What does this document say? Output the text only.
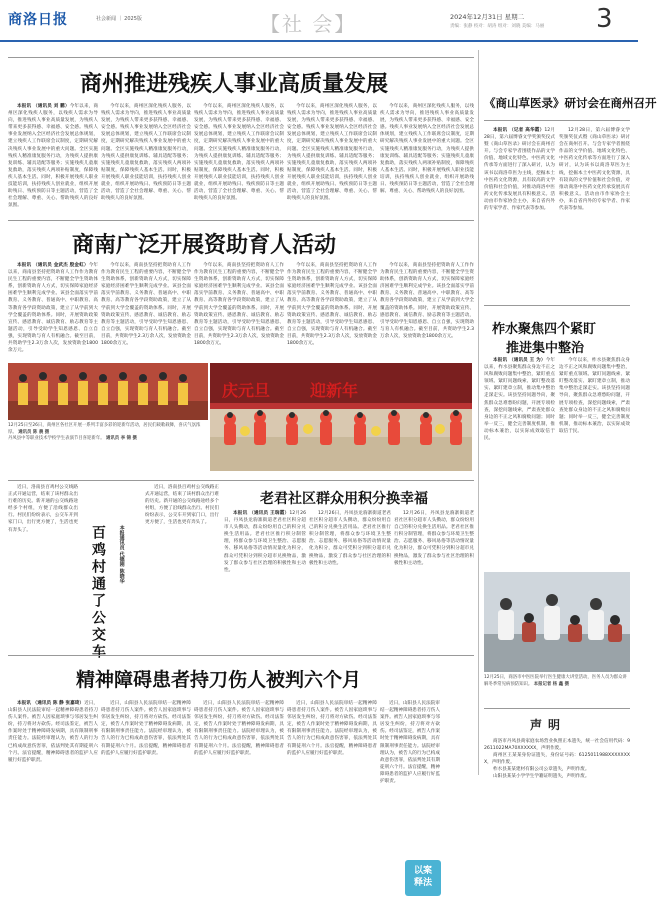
商洛日报	社会新闻 ｜ 2025版	【社 会】	2024年12月31日 星期二
责编：张静 校对：胡涛 组对：刘晓 美编：马丽 3
商州推进残疾人事业高质量发展

本报讯 （通讯员 刘 鹏）今年以来，商州区深化残疾人服务，以残疾人需求为导向，推进残疾人事业高质量发展，为残疾人带来更多获得感、幸福感、安全感。残疾人事业发展纳入全区经济社会发展总体规划，建立残疾人工作联席会议制度，定期研究解决残疾人事业发展中的重大问题。全区实施残疾人精准康复服务行动，为残疾人提供康复训练、辅具适配等服务；实施残疾儿童康复救助，落实残疾人两项补贴制度，保障残疾人基本生活。同时，积极开展残疾人职业技能培训，扶持残疾人创业就业，组织开展助残日、残疾预防日等主题活动，营造了全社会理解、尊重、关心、帮助残疾人的良好氛围。

今年以来，商州区深化残疾人服务，以残疾人需求为导向，推进残疾人事业高质量发展，为残疾人带来更多获得感、幸福感、安全感。残疾人事业发展纳入全区经济社会发展总体规划，建立残疾人工作联席会议制度，定期研究解决残疾人事业发展中的重大问题。全区实施残疾人精准康复服务行动，为残疾人提供康复训练、辅具适配等服务；实施残疾儿童康复救助，落实残疾人两项补贴制度，保障残疾人基本生活。同时，积极开展残疾人职业技能培训，扶持残疾人创业就业，组织开展助残日、残疾预防日等主题活动，营造了全社会理解、尊重、关心、帮助残疾人的良好氛围。

今年以来，商州区深化残疾人服务，以残疾人需求为导向，推进残疾人事业高质量发展，为残疾人带来更多获得感、幸福感、安全感。残疾人事业发展纳入全区经济社会发展总体规划，建立残疾人工作联席会议制度，定期研究解决残疾人事业发展中的重大问题。全区实施残疾人精准康复服务行动，为残疾人提供康复训练、辅具适配等服务；实施残疾儿童康复救助，落实残疾人两项补贴制度，保障残疾人基本生活。同时，积极开展残疾人职业技能培训，扶持残疾人创业就业，组织开展助残日、残疾预防日等主题活动，营造了全社会理解、尊重、关心、帮助残疾人的良好氛围。

今年以来，商州区深化残疾人服务，以残疾人需求为导向，推进残疾人事业高质量发展，为残疾人带来更多获得感、幸福感、安全感。残疾人事业发展纳入全区经济社会发展总体规划，建立残疾人工作联席会议制度，定期研究解决残疾人事业发展中的重大问题。全区实施残疾人精准康复服务行动，为残疾人提供康复训练、辅具适配等服务；实施残疾儿童康复救助，落实残疾人两项补贴制度，保障残疾人基本生活。同时，积极开展残疾人职业技能培训，扶持残疾人创业就业，组织开展助残日、残疾预防日等主题活动，营造了全社会理解、尊重、关心、帮助残疾人的良好氛围。

今年以来，商州区深化残疾人服务，以残疾人需求为导向，推进残疾人事业高质量发展，为残疾人带来更多获得感、幸福感、安全感。残疾人事业发展纳入全区经济社会发展总体规划，建立残疾人工作联席会议制度，定期研究解决残疾人事业发展中的重大问题。全区实施残疾人精准康复服务行动，为残疾人提供康复训练、辅具适配等服务；实施残疾儿童康复救助，落实残疾人两项补贴制度，保障残疾人基本生活。同时，积极开展残疾人职业技能培训，扶持残疾人创业就业，组织开展助残日、残疾预防日等主题活动，营造了全社会理解、尊重、关心、帮助残疾人的良好氛围。

《商山草医录》研讨会在商州召开

本报讯 （记者 高华霞）12月28日，第六届博睿文学奖颁奖仪式暨《商山草医录》研讨会在商州召开。与会专家学者围绕作品的文学价值、地域文化特色、中医药文化传承等方面进行了深入研讨，认为该书以商洛草医为主线，挖掘本土中医药文化资源，具有较高的文学价值和社会价值，对推动商洛中医药文化传承发展具有积极意义。活动由市作家协会主办，来自省内外的专家学者、作家代表等参加。

12月28日，第六届博睿文学奖颁奖仪式暨《商山草医录》研讨会在商州召开。与会专家学者围绕作品的文学价值、地域文化特色、中医药文化传承等方面进行了深入研讨，认为该书以商洛草医为主线，挖掘本土中医药文化资源，具有较高的文学价值和社会价值，对推动商洛中医药文化传承发展具有积极意义。活动由市作家协会主办，来自省内外的专家学者、作家代表等参加。

商南广泛开展资助育人活动

本报讯 （通讯员 金武杰 殷金虹）今年以来，商南县坚持把资助育人工作作为教育民生工程的重要内容，不断健全学生资助体系，创新资助育人方式，切实保障家庭经济困难学生顺利完成学业。该县全面落实学前教育、义务教育、普通高中、中职教育、高等教育各学段资助政策，建立了从学前到大学全覆盖的资助体系。同时，开展资助政策宣传、感恩教育、诚信教育、励志教育等主题活动，引导受助学生知恩感恩、自立自强，实现资助与育人有机融合。截至目前，共资助学生2.3万余人次，发放资助金1800余万元。

今年以来，商南县坚持把资助育人工作作为教育民生工程的重要内容，不断健全学生资助体系，创新资助育人方式，切实保障家庭经济困难学生顺利完成学业。该县全面落实学前教育、义务教育、普通高中、中职教育、高等教育各学段资助政策，建立了从学前到大学全覆盖的资助体系。同时，开展资助政策宣传、感恩教育、诚信教育、励志教育等主题活动，引导受助学生知恩感恩、自立自强，实现资助与育人有机融合。截至目前，共资助学生2.3万余人次，发放资助金1800余万元。

今年以来，商南县坚持把资助育人工作作为教育民生工程的重要内容，不断健全学生资助体系，创新资助育人方式，切实保障家庭经济困难学生顺利完成学业。该县全面落实学前教育、义务教育、普通高中、中职教育、高等教育各学段资助政策，建立了从学前到大学全覆盖的资助体系。同时，开展资助政策宣传、感恩教育、诚信教育、励志教育等主题活动，引导受助学生知恩感恩、自立自强，实现资助与育人有机融合。截至目前，共资助学生2.3万余人次，发放资助金1800余万元。

今年以来，商南县坚持把资助育人工作作为教育民生工程的重要内容，不断健全学生资助体系，创新资助育人方式，切实保障家庭经济困难学生顺利完成学业。该县全面落实学前教育、义务教育、普通高中、中职教育、高等教育各学段资助政策，建立了从学前到大学全覆盖的资助体系。同时，开展资助政策宣传、感恩教育、诚信教育、励志教育等主题活动，引导受助学生知恩感恩、自立自强，实现资助与育人有机融合。截至目前，共资助学生2.3万余人次，发放资助金1800余万元。

今年以来，商南县坚持把资助育人工作作为教育民生工程的重要内容，不断健全学生资助体系，创新资助育人方式，切实保障家庭经济困难学生顺利完成学业。该县全面落实学前教育、义务教育、普通高中、中职教育、高等教育各学段资助政策，建立了从学前到大学全覆盖的资助体系。同时，开展资助政策宣传、感恩教育、诚信教育、励志教育等主题活动，引导受助学生知恩感恩、自立自强，实现资助与育人有机融合。截至目前，共资助学生2.3万余人次，发放资助金1800余万元。	柞水聚焦四个紧盯
推进集中整治

本报讯 （通讯员 王 为）今年以来，柞水县聚焦群众身边不正之风和腐败问题集中整治，紧盯重点领域、紧盯问题线索、紧盯整改落实、紧盯建章立制，推动集中整治走深走实。该县坚持问题导向，聚焦群众急难愁盼问题，开展专项检查，深挖问题线索，严肃查处群众身边的不正之风和腐败问题；同时举一反三，健全完善制度机制，推动标本兼治，以实际成效取信于民。

今年以来，柞水县聚焦群众身边不正之风和腐败问题集中整治，紧盯重点领域、紧盯问题线索、紧盯整改落实、紧盯建章立制，推动集中整治走深走实。该县坚持问题导向，聚焦群众急难愁盼问题，开展专项检查，深挖问题线索，严肃查处群众身边的不正之风和腐败问题；同时举一反三，健全完善制度机制，推动标本兼治，以实际成效取信于民。

庆元旦 迎新年
12月25日至26日，商州区各社区开展一系列丰富多彩的迎新年活动，居民们载歌载舞，喜庆气氛浓厚。 通讯员 陈 晨 摄
丹凤县中等职业技术学校学生表演节目喜迎新年。 通讯员 李 锦 摄

近日，洛南县百鸡村公交线路正式开通运营，结束了该村群众出行难的历史。新开通的公交线路途经多个村组，方便了沿线群众出行。村民们纷纷表示，公交车开到家门口，出行更方便了，生活也更有奔头了。	百鸡村通了公交车	本报通讯员 代德刚 陈晓华

近日，洛南县百鸡村公交线路正式开通运营，结束了该村群众出行难的历史。新开通的公交线路途经多个村组，方便了沿线群众出行。村民们纷纷表示，公交车开到家门口，出行更方便了，生活也更有奔头了。

老君社区群众用积分换幸福

本报讯 （通讯员 王瑞霞）12月26日，丹凤县龙驹寨街道老君社区积分超市人头攒动，群众纷纷用自己的积分兑换生活用品。老君社区推行积分制管理，将群众参与环境卫生整治、志愿服务、移风易俗等活动情况量化为积分，群众可凭积分到积分超市兑换物品，激发了群众参与社区治理的积极性和主动性。

12月26日，丹凤县龙驹寨街道老君社区积分超市人头攒动，群众纷纷用自己的积分兑换生活用品。老君社区推行积分制管理，将群众参与环境卫生整治、志愿服务、移风易俗等活动情况量化为积分，群众可凭积分到积分超市兑换物品，激发了群众参与社区治理的积极性和主动性。

12月26日，丹凤县龙驹寨街道老君社区积分超市人头攒动，群众纷纷用自己的积分兑换生活用品。老君社区推行积分制管理，将群众参与环境卫生整治、志愿服务、移风易俗等活动情况量化为积分，群众可凭积分到积分超市兑换物品，激发了群众参与社区治理的积极性和主动性。

12月25日，商洛市中医医院举行医生健康大讲堂活动，医务人员为群众讲解冬季常见病预防知识。 本报记者 杨 鑫 摄
精神障碍患者持刀伤人被判六个月

本报讯 （通讯员 陈 静 张嘉琦）近日，山阳县人民法院审结一起精神障碍患者持刀伤人案件。被告人因家庭琐事与邻居发生纠纷，持刀将对方砍伤。经司法鉴定，被告人作案时处于精神障碍发病期，具有限制刑事责任能力。法院经审理认为，被告人的行为已构成故意伤害罪，依法判处其有期徒刑六个月。法官提醒，精神障碍患者的监护人应履行好监护职责。

近日，山阳县人民法院审结一起精神障碍患者持刀伤人案件。被告人因家庭琐事与邻居发生纠纷，持刀将对方砍伤。经司法鉴定，被告人作案时处于精神障碍发病期，具有限制刑事责任能力。法院经审理认为，被告人的行为已构成故意伤害罪，依法判处其有期徒刑六个月。法官提醒，精神障碍患者的监护人应履行好监护职责。

近日，山阳县人民法院审结一起精神障碍患者持刀伤人案件。被告人因家庭琐事与邻居发生纠纷，持刀将对方砍伤。经司法鉴定，被告人作案时处于精神障碍发病期，具有限制刑事责任能力。法院经审理认为，被告人的行为已构成故意伤害罪，依法判处其有期徒刑六个月。法官提醒，精神障碍患者的监护人应履行好监护职责。

近日，山阳县人民法院审结一起精神障碍患者持刀伤人案件。被告人因家庭琐事与邻居发生纠纷，持刀将对方砍伤。经司法鉴定，被告人作案时处于精神障碍发病期，具有限制刑事责任能力。法院经审理认为，被告人的行为已构成故意伤害罪，依法判处其有期徒刑六个月。法官提醒，精神障碍患者的监护人应履行好监护职责。

近日，山阳县人民法院审结一起精神障碍患者持刀伤人案件。被告人因家庭琐事与邻居发生纠纷，持刀将对方砍伤。经司法鉴定，被告人作案时处于精神障碍发病期，具有限制刑事责任能力。法院经审理认为，被告人的行为已构成故意伤害罪，依法判处其有期徒刑六个月。法官提醒，精神障碍患者的监护人应履行好监护职责。

以案
释法
声明

商洛市丹凤县商家庭农场营业执照正本遗失，统一社会信用代码：92611022MA70XXXXXX，声明作废。

商州区王某某身份证遗失，身份证号码：6125011988XXXXXXXX，声明作废。

柞水县某某建材有限公司公章遗失，声明作废。

山阳县某某小学学生学籍证明遗失，声明作废。
